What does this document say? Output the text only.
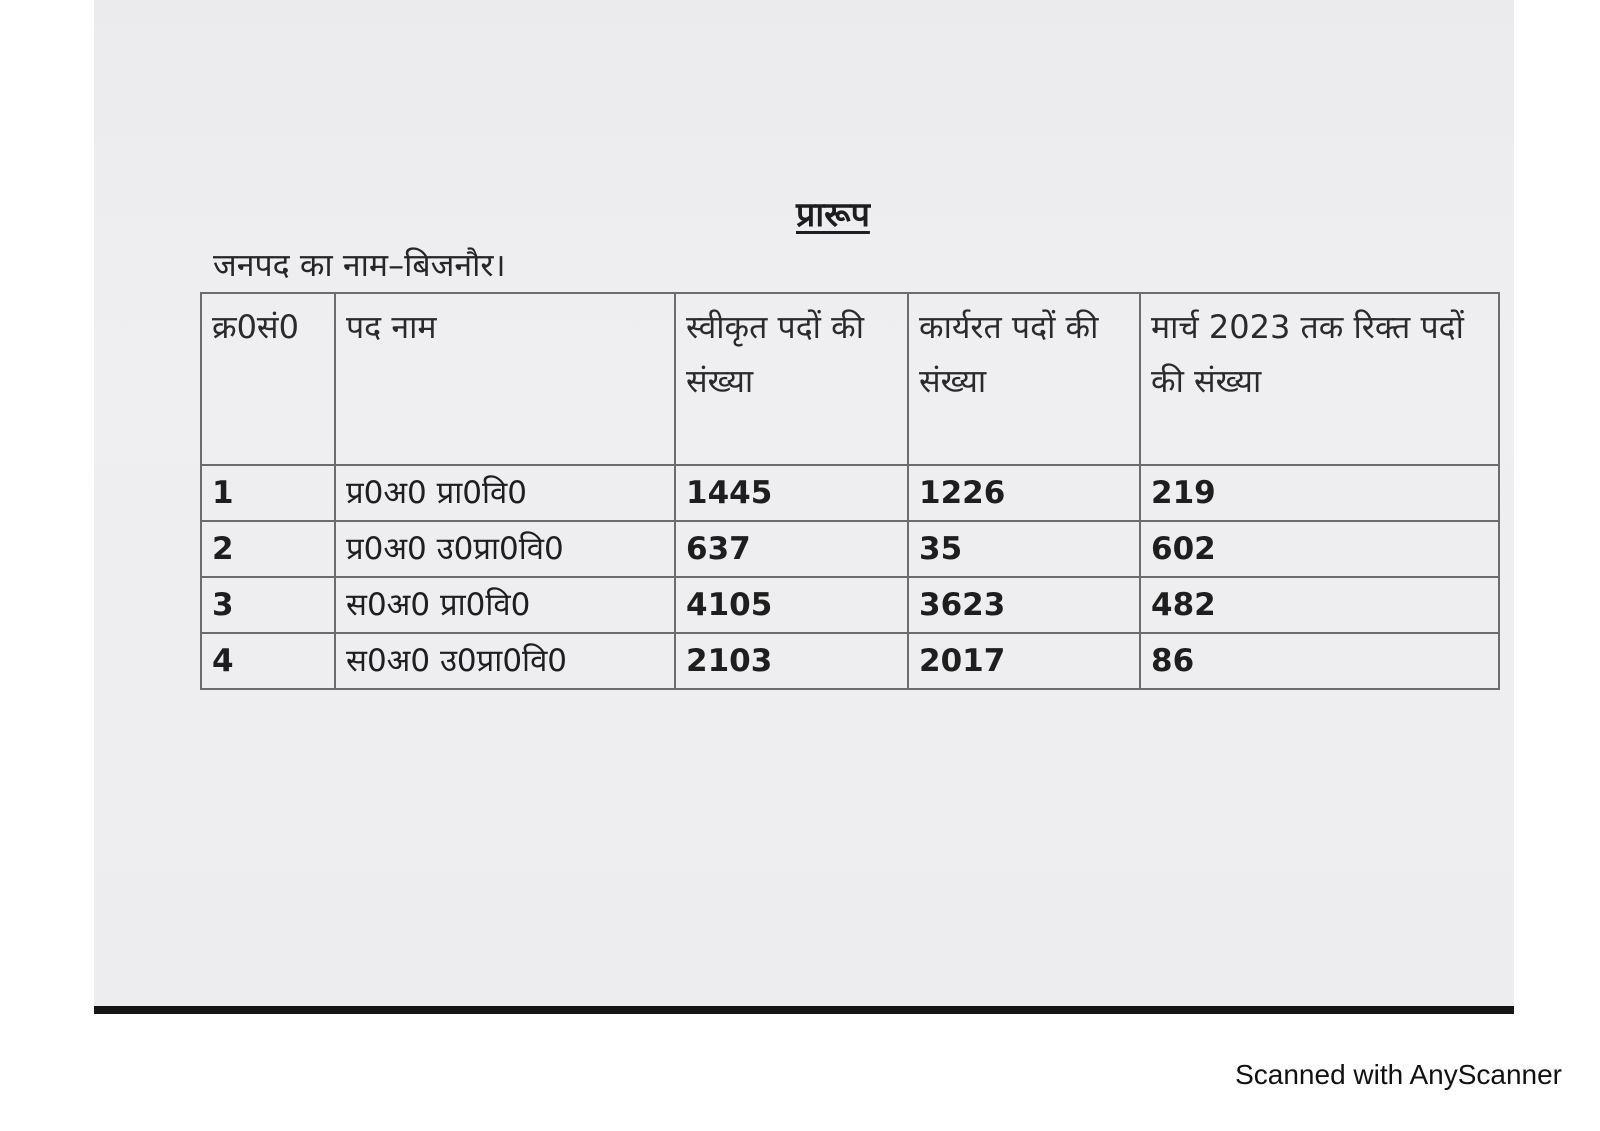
प्रारूप
जनपद का नाम–बिजनौर।
क्र0सं0	पद नाम	स्वीकृत पदों की संख्या	कार्यरत पदों की संख्या	मार्च 2023 तक रिक्त पदों की संख्या
1	प्र0अ0 प्रा0वि0	1445	1226	219
2	प्र0अ0 उ0प्रा0वि0	637	35	602
3	स0अ0 प्रा0वि0	4105	3623	482
4	स0अ0 उ0प्रा0वि0	2103	2017	86
Scanned with AnyScanner
